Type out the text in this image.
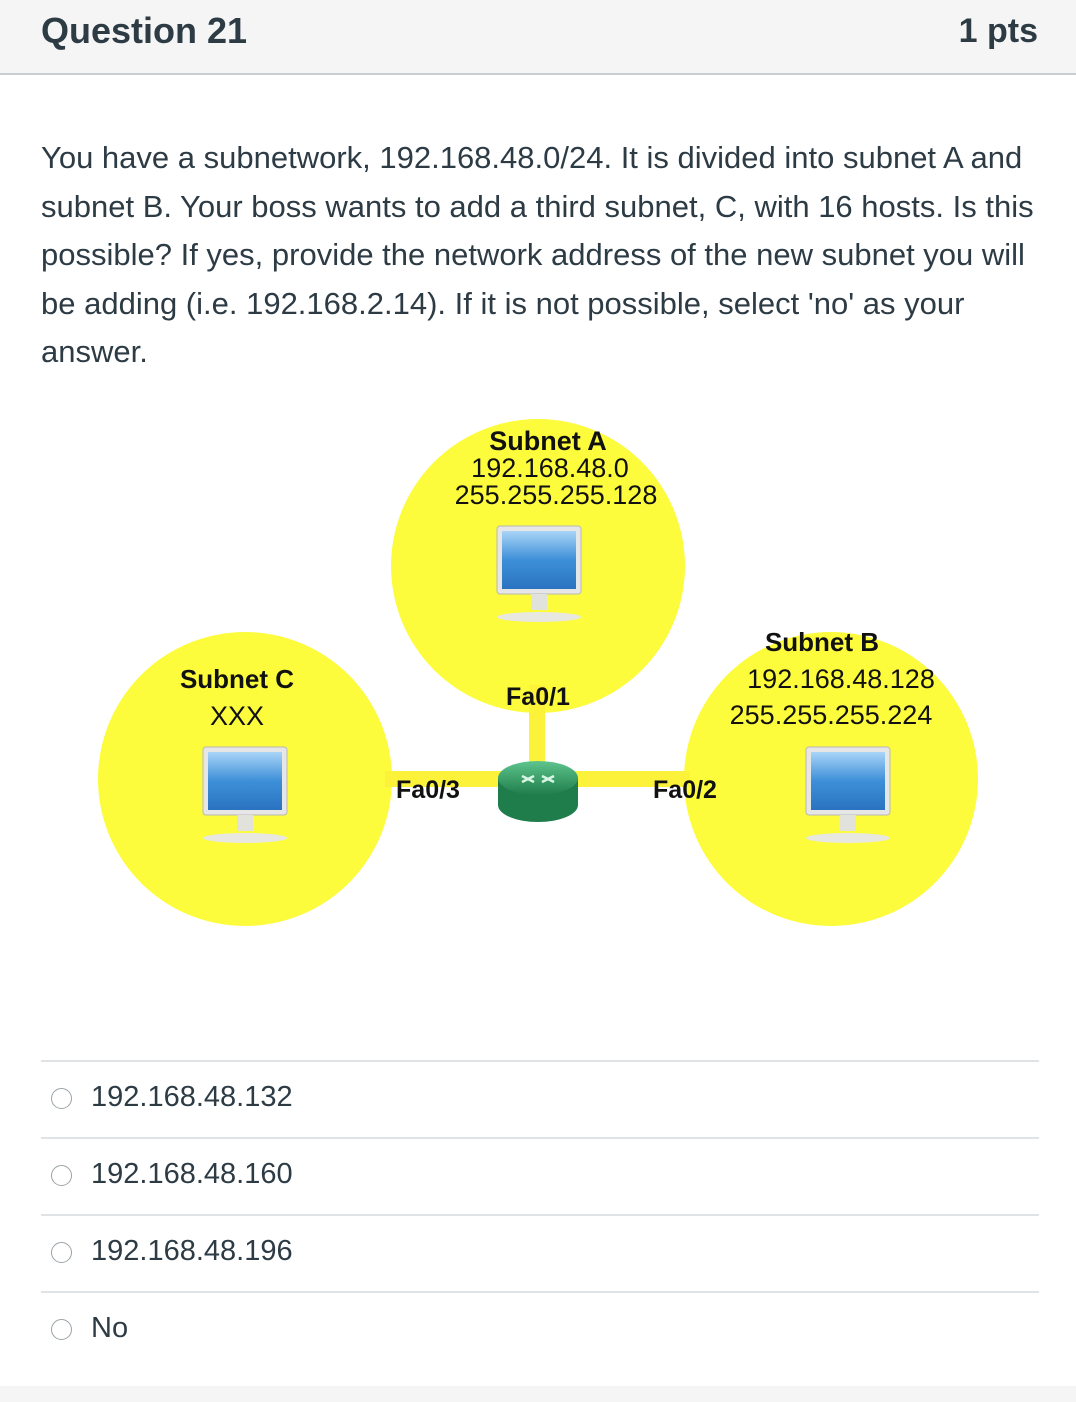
Question 21	1 pts
You have a subnetwork, 192.168.48.0/24. It is divided into subnet A and subnet B. Your boss wants to add a third subnet, C, with 16 hosts. Is this possible? If yes, provide the network address of the new subnet you will be adding (i.e. 192.168.2.14). If it is not possible, select 'no' as your answer.
Subnet A
192.168.48.0
255.255.255.128
Subnet B
192.168.48.128
255.255.255.224
Subnet C
XXX
Fa0/1
Fa0/3	Fa0/2
192.168.48.132
192.168.48.160
192.168.48.196
No
